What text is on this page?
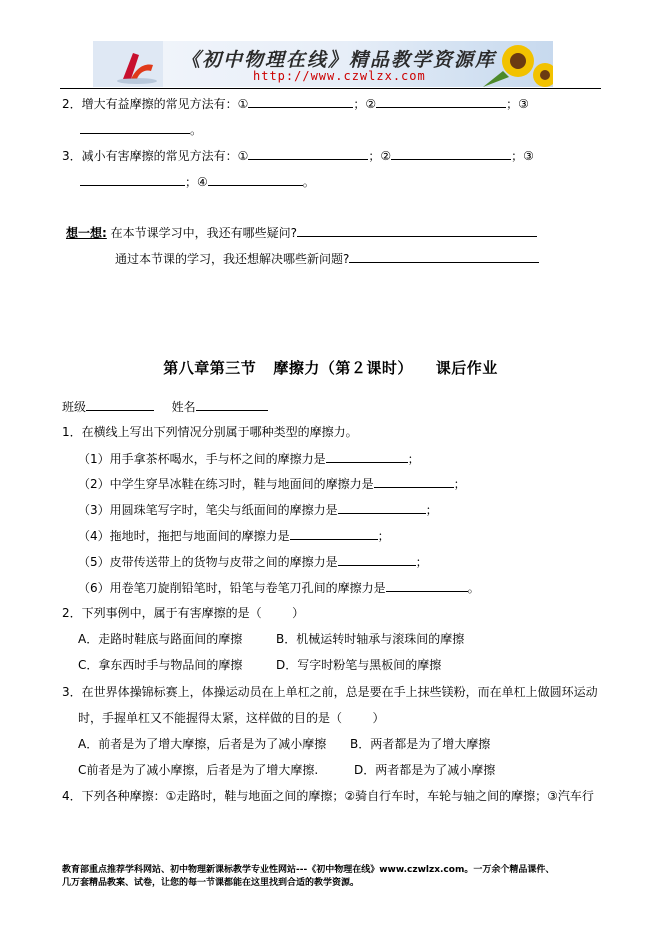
《初中物理在线》精品教学资源库
http://www.czwlzx.com
2．增大有益摩擦的常见方法有：①	；②	；③
。
3．减小有害摩擦的常见方法有：①	；②	；③
；④	。
想一想: 在本节课学习中，我还有哪些疑问?
通过本节课的学习，我还想解决哪些新问题?
第八章第三节   摩擦力（第２课时）    课后作业
班级	姓名
1．在横线上写出下列情况分别属于哪种类型的摩擦力。
（1）用手拿茶杯喝水，手与杯之间的摩擦力是	；
（2）中学生穿旱冰鞋在练习时，鞋与地面间的摩擦力是	；
（3）用圆珠笔写字时，笔尖与纸面间的摩擦力是	；
（4）拖地时，拖把与地面间的摩擦力是	；
（5）皮带传送带上的货物与皮带之间的摩擦力是	；
（6）用卷笔刀旋削铅笔时，铅笔与卷笔刀孔间的摩擦力是	。
2．下列事例中，属于有害摩擦的是（        ）
A．走路时鞋底与路面间的摩擦	B．机械运转时轴承与滚珠间的摩擦
C．拿东西时手与物品间的摩擦	D．写字时粉笔与黑板间的摩擦
3．在世界体操锦标赛上，体操运动员在上单杠之前，总是要在手上抹些镁粉，而在单杠上做圆环运动
时，手握单杠又不能握得太紧，这样做的目的是（        ）
A．前者是为了增大摩擦，后者是为了减小摩擦 B．两者都是为了增大摩擦
C前者是为了减小摩擦，后者是为了增大摩擦.	D．两者都是为了减小摩擦
4．下列各种摩擦：①走路时，鞋与地面之间的摩擦；②骑自行车时，车轮与轴之间的摩擦；③汽车行
教育部重点推荐学科网站、初中物理新课标教学专业性网站---《初中物理在线》www.czwlzx.com。一万余个精品课件、
几万套精品教案、试卷，让您的每一节课都能在这里找到合适的教学资源。
